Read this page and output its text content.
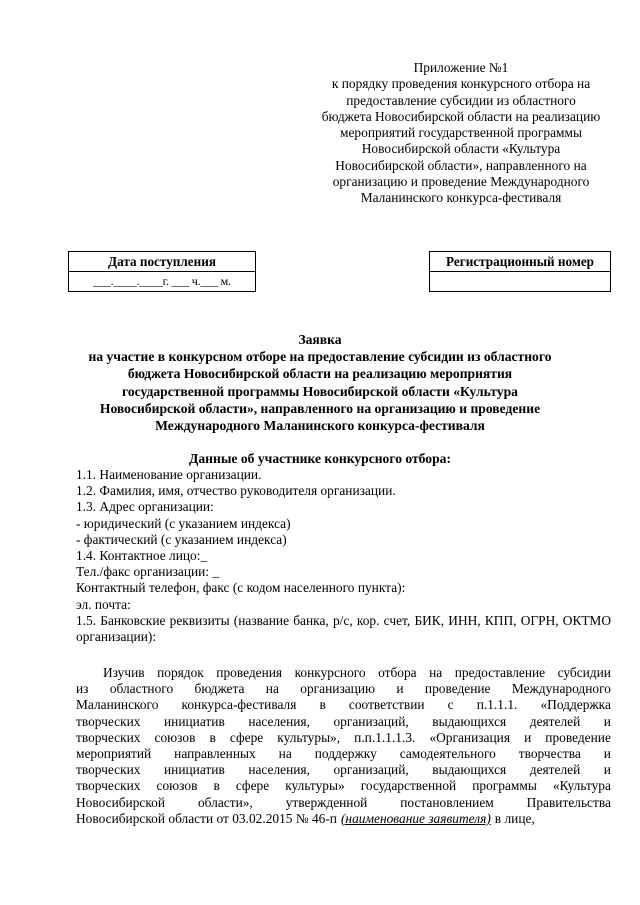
Приложение №1
к порядку проведения конкурсного отбора на
предоставление субсидии из областного
бюджета Новосибирской области на реализацию
мероприятий государственной программы
Новосибирской области «Культура
Новосибирской области», направленного на
организацию и проведение Международного
Маланинского конкурса-фестиваля
Дата поступления
___.____.____г. ___ ч.___ м.
Регистрационный номер

Заявка
на участие в конкурсном отборе на предоставление субсидии из областного
бюджета Новосибирской области на реализацию мероприятия
государственной программы Новосибирской области «Культура
Новосибирской области», направленного на организацию и проведение
Международного Маланинского конкурса-фестиваля
Данные об участнике конкурсного отбора:
1.1. Наименование организации.
1.2. Фамилия, имя, отчество руководителя организации.
1.3. Адрес организации:
- юридический (с указанием индекса)
- фактический (с указанием индекса)
1.4. Контактное лицо:_
Тел./факс организации: _
Контактный телефон, факс (с кодом населенного пункта):
эл. почта:
1.5. Банковские реквизиты (название банка, р/с, кор. счет, БИК, ИНН, КПП, ОГРН, ОКТМО организации):
Изучив порядок проведения конкурсного отбора на предоставление субсидии
из областного бюджета на организацию и проведение Международного
Маланинского конкурса-фестиваля в соответствии с п.1.1.1. «Поддержка
творческих инициатив населения, организаций, выдающихся деятелей и
творческих союзов в сфере культуры», п.п.1.1.1.3. «Организация и проведение
мероприятий направленных на поддержку самодеятельного творчества и
творческих инициатив населения, организаций, выдающихся деятелей и
творческих союзов в сфере культуры» государственной программы «Культура
Новосибирской области», утвержденной постановлением Правительства
Новосибирской области от 03.02.2015 № 46-п (наименование заявителя) в лице,
